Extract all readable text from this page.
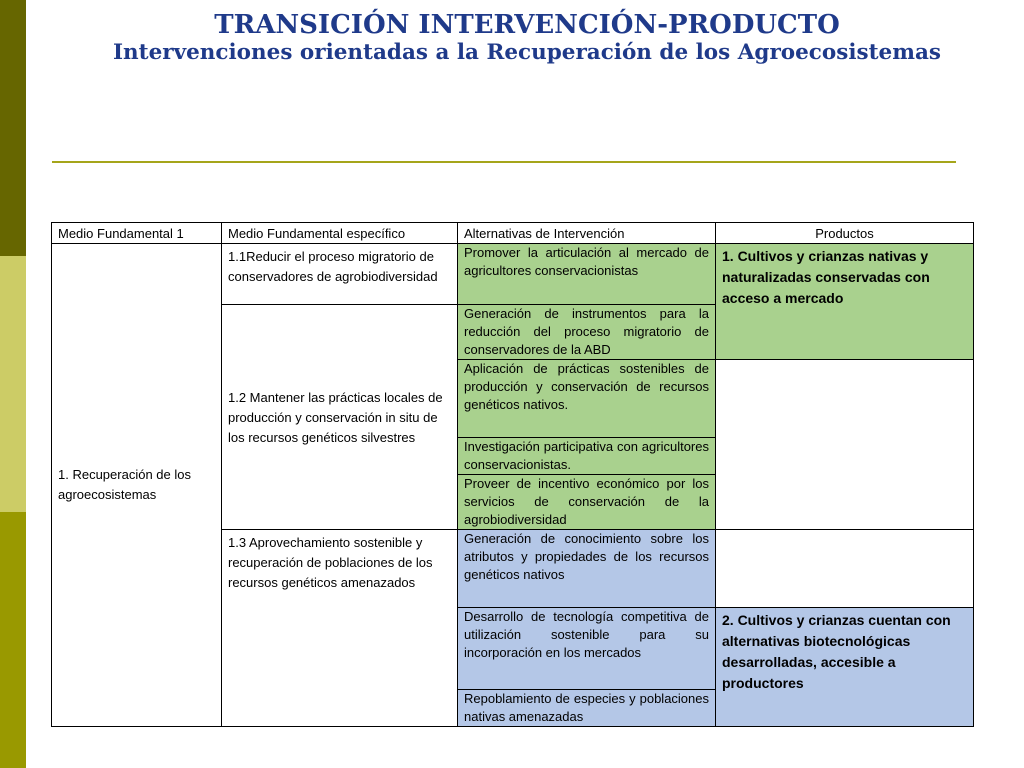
TRANSICIÓN INTERVENCIÓN-PRODUCTO
Intervenciones orientadas a la Recuperación de los Agroecosistemas
Medio Fundamental 1	Medio Fundamental específico	Alternativas de Intervención	Productos
1. Recuperación de los agroecosistemas	1.1Reducir el proceso migratorio de conservadores de agrobiodiversidad	Promover la articulación al mercado de agricultores conservacionistas	1. Cultivos y crianzas nativas y naturalizadas conservadas con acceso a mercado
	1.2 Mantener las prácticas locales de producción y conservación in situ de los recursos genéticos silvestres	Generación de instrumentos para la reducción del proceso migratorio de conservadores de la ABD	
		Aplicación de prácticas sostenibles de producción y conservación de recursos genéticos nativos.	
		Investigación participativa con agricultores conservacionistas.	
		Proveer de incentivo económico por los servicios de conservación de la agrobiodiversidad	
	1.3 Aprovechamiento sostenible y recuperación de poblaciones de los recursos genéticos amenazados	Generación de conocimiento sobre los atributos y propiedades de los recursos genéticos nativos	
		Desarrollo de tecnología competitiva de utilización sostenible para su incorporación en los mercados	2. Cultivos y crianzas cuentan con alternativas biotecnológicas desarrolladas, accesible a productores
		Repoblamiento de especies y poblaciones nativas amenazadas	
